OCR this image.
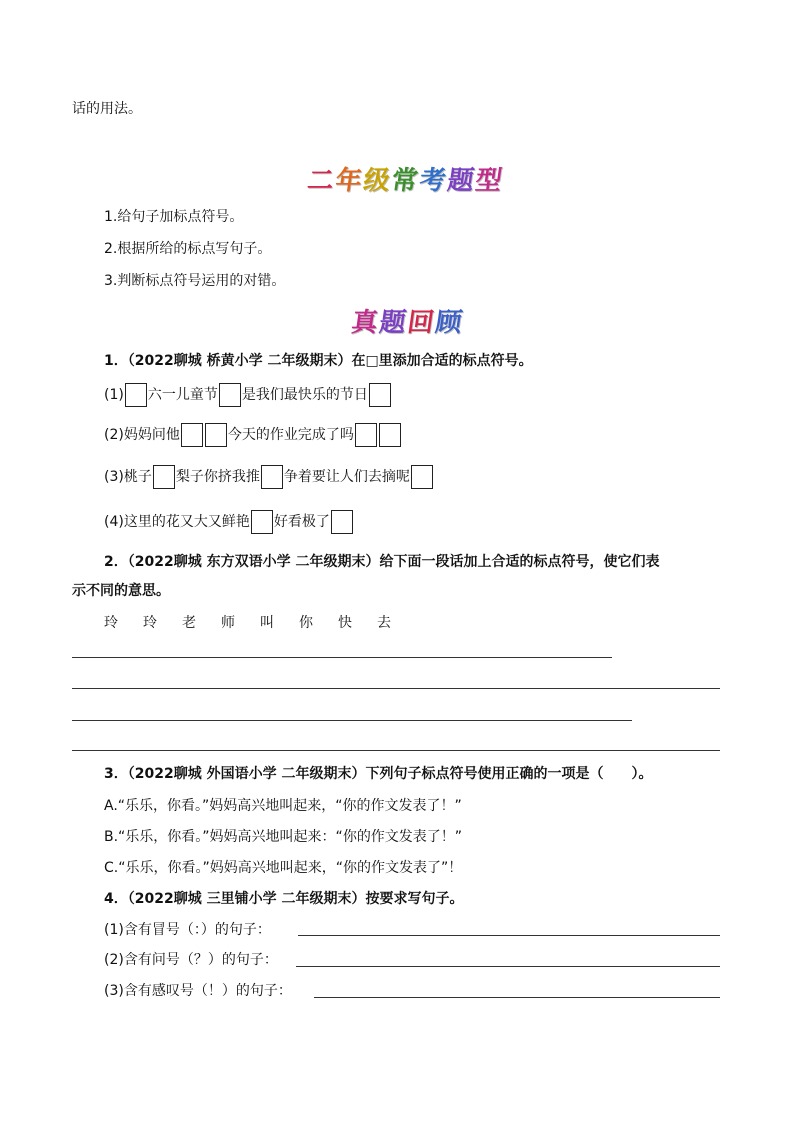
话的用法。
二年级常考题型
1.给句子加标点符号。
2.根据所给的标点写句子。
3.判断标点符号运用的对错。
真题回顾
1．（2022聊城 桥黄小学 二年级期末）在□里添加合适的标点符号。
(1) 六一儿童节 是我们最快乐的节日
(2)妈妈问他	今天的作业完成了吗
(3)桃子 梨子你挤我推 争着要让人们去摘呢
(4)这里的花又大又鲜艳 好看极了
2．（2022聊城 东方双语小学 二年级期末）给下面一段话加上合适的标点符号，使它们表
示不同的意思。
玲 玲 老 师 叫 你 快 去
3．（2022聊城 外国语小学 二年级期末）下列句子标点符号使用正确的一项是（　　）。
A.“乐乐，你看。”妈妈高兴地叫起来，“你的作文发表了！”
B.“乐乐，你看。”妈妈高兴地叫起来：“你的作文发表了！”
C.“乐乐，你看。”妈妈高兴地叫起来，“你的作文发表了”！
4．（2022聊城 三里铺小学 二年级期末）按要求写句子。
(1)含有冒号（：）的句子：
(2)含有问号（？）的句子：
(3)含有感叹号（！）的句子：
